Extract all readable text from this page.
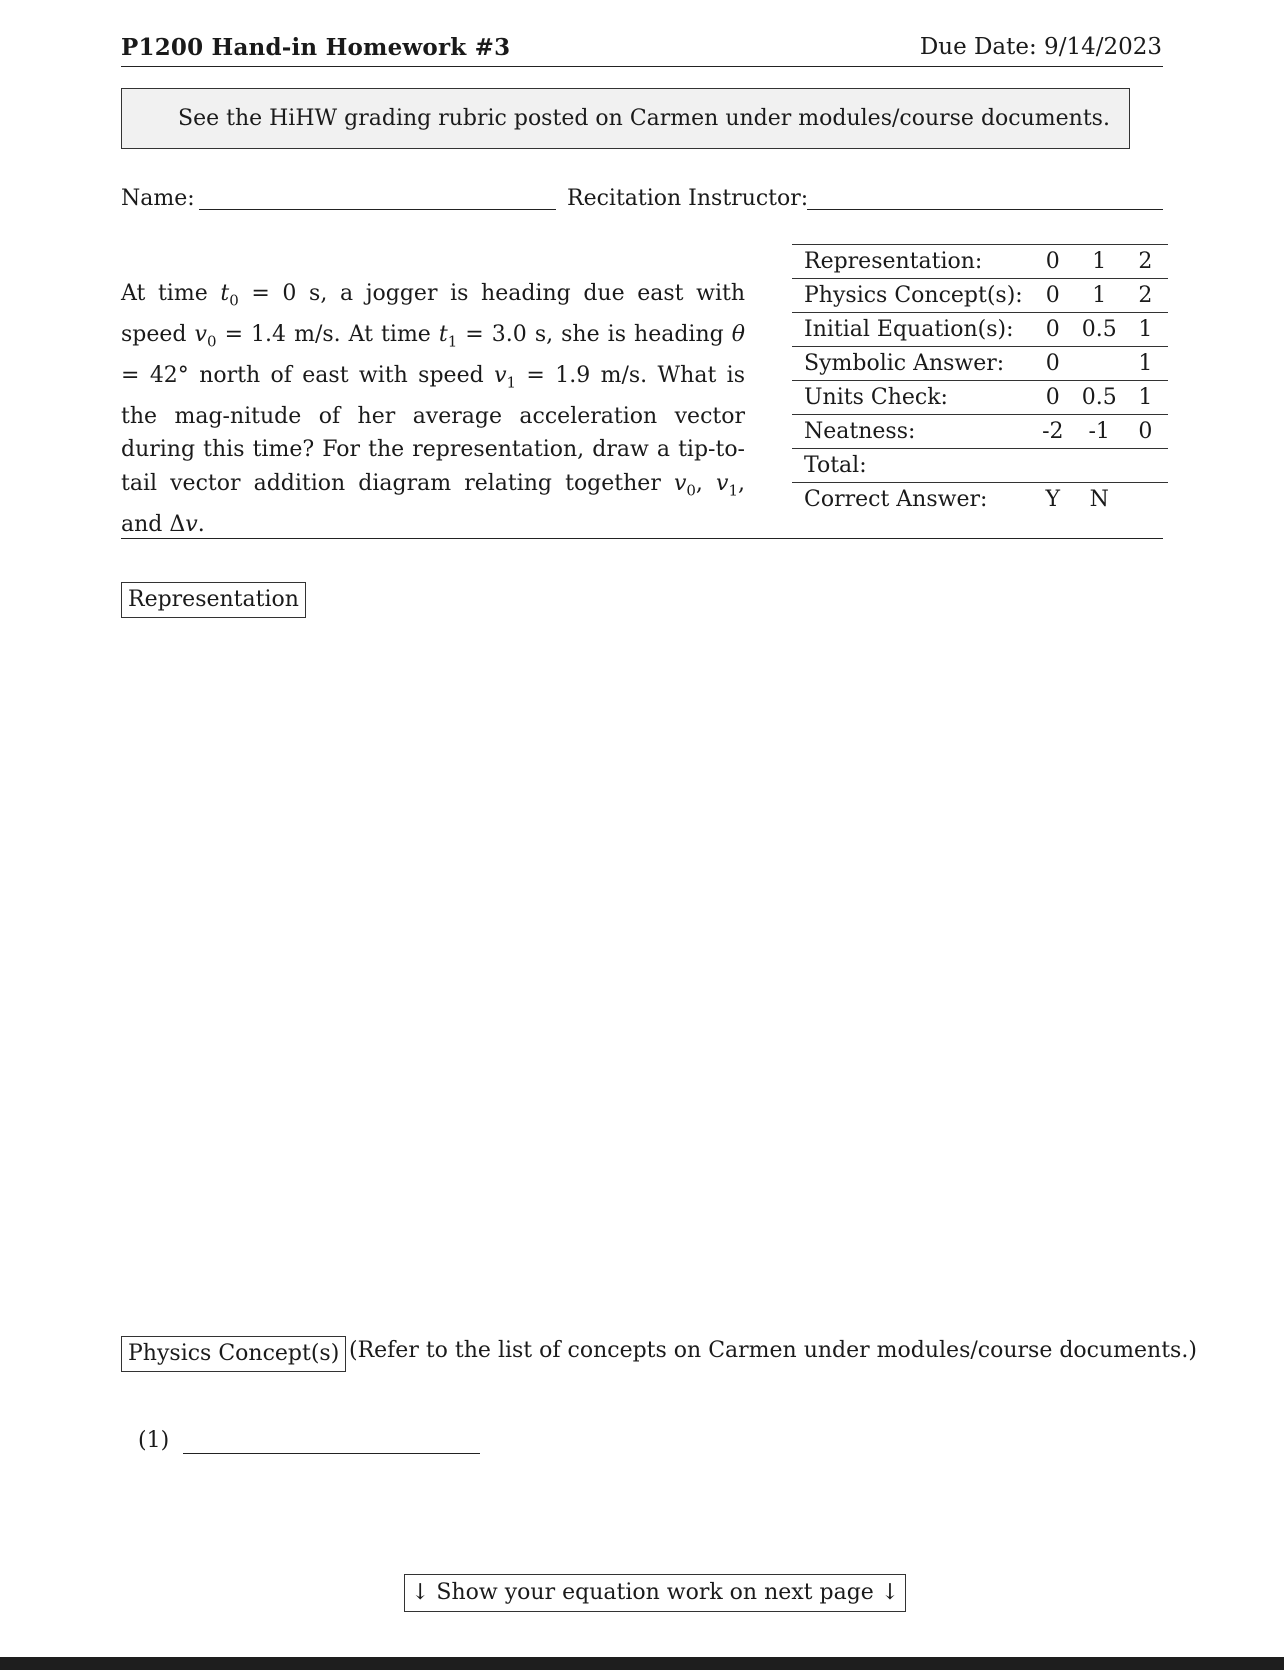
P1200 Hand-in Homework #3	Due Date: 9/14/2023
See the HiHW grading rubric posted on Carmen under modules/course documents.
Name:	Recitation Instructor:
At time $t_0 = 0$ s, a jogger is heading due east with speed $v_0 = 1.4$ m/s. At time $t_1 = 3.0$ s, she is heading θ = 42° north of east with speed $v_1 = 1.9$ m/s. What is the mag-nitude of her average acceleration vector during this time? For the representation, draw a tip-to-tail vector addition diagram relating together $v_0$, $v_1$, and Δv.
Representation:	0	1	2
Physics Concept(s):	0	1	2
Initial Equation(s):	0	0.5	1
Symbolic Answer:	0		1
Units Check:	0	0.5	1
Neatness:	-2	-1	0
Total:			
Correct Answer:	Y	N	
Representation
Physics Concept(s) (Refer to the list of concepts on Carmen under modules/course documents.)
(1)
↓ Show your equation work on next page ↓
